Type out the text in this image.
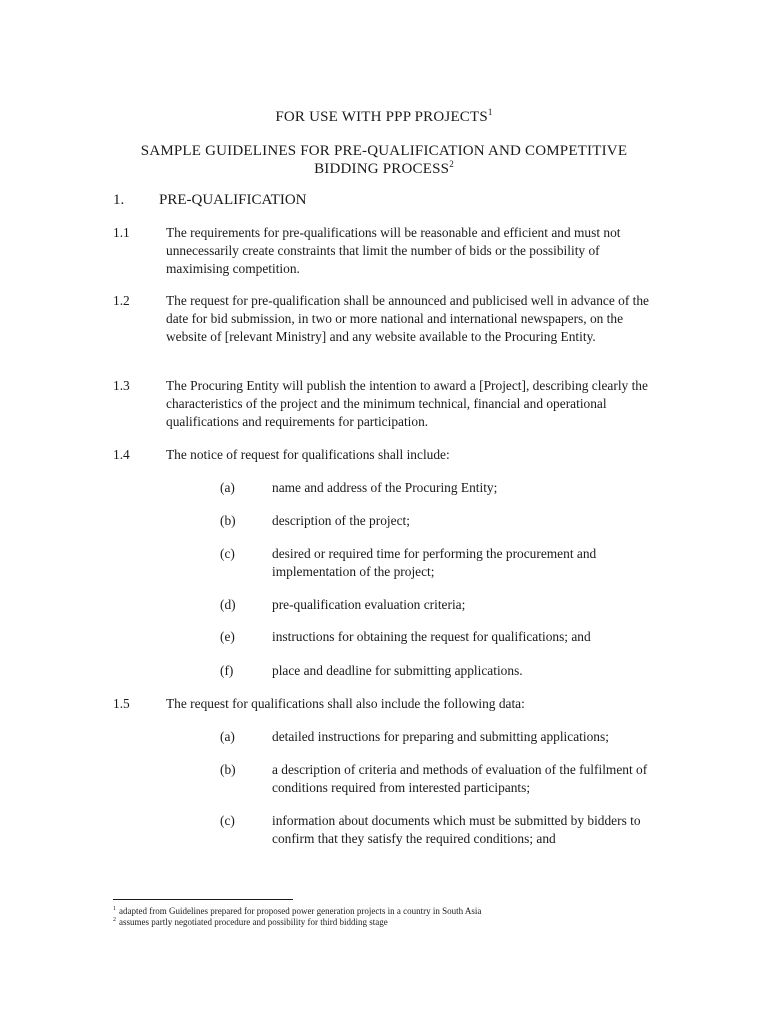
FOR USE WITH PPP PROJECTS$^1$
SAMPLE GUIDELINES FOR PRE-QUALIFICATION AND COMPETITIVE
BIDDING PROCESS$^2$
1. PRE-QUALIFICATION
1.1	The requirements for pre-qualifications will be reasonable and efficient and must not unnecessarily create constraints that limit the number of bids or the possibility of maximising competition.
1.2	The request for pre-qualification shall be announced and publicised well in advance of the date for bid submission, in two or more national and international newspapers, on the website of [relevant Ministry] and any website available to the Procuring Entity.
1.3	The Procuring Entity will publish the intention to award a [Project], describing clearly the characteristics of the project and the minimum technical, financial and operational qualifications and requirements for participation.
1.4	The notice of request for qualifications shall include:
(a)	name and address of the Procuring Entity;
(b)	description of the project;
(c)	desired or required time for performing the procurement and implementation of the project;
(d)	pre-qualification evaluation criteria;
(e)	instructions for obtaining the request for qualifications; and
(f)	place and deadline for submitting applications.
1.5	The request for qualifications shall also include the following data:
(a)	detailed instructions for preparing and submitting applications;
(b)	a description of criteria and methods of evaluation of the fulfilment of conditions required from interested participants;
(c)	information about documents which must be submitted by bidders to confirm that they satisfy the required conditions; and
$^1$ adapted from Guidelines prepared for proposed power generation projects in a country in South Asia
$^2$ assumes partly negotiated procedure and possibility for third bidding stage
